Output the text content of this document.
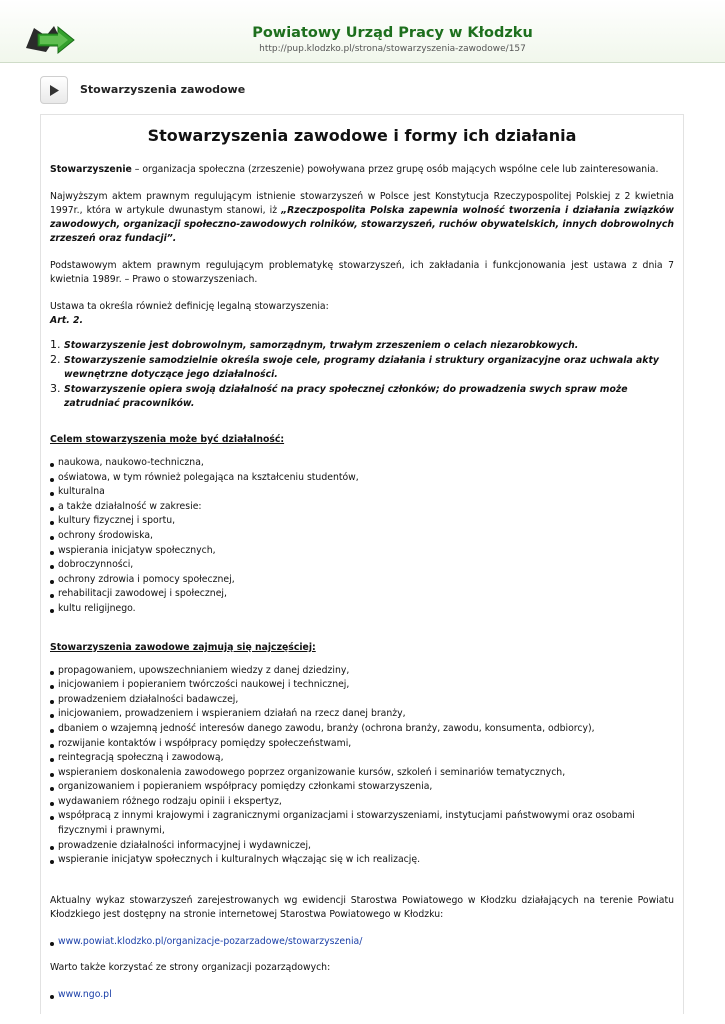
Powiatowy Urząd Pracy w Kłodzku
http://pup.klodzko.pl/strona/stowarzyszenia-zawodowe/157
Stowarzyszenia zawodowe
Stowarzyszenia zawodowe i formy ich działania

Stowarzyszenie – organizacja społeczna (zrzeszenie) powoływana przez grupę osób mających wspólne cele lub zainteresowania.

Najwyższym aktem prawnym regulującym istnienie stowarzyszeń w Polsce jest Konstytucja Rzeczypospolitej Polskiej z 2 kwietnia 1997r., która w artykule dwunastym stanowi, iż „Rzeczpospolita Polska zapewnia wolność tworzenia i działania związków zawodowych, organizacji społeczno-zawodowych rolników, stowarzyszeń, ruchów obywatelskich, innych dobrowolnych zrzeszeń oraz fundacji”.

Podstawowym aktem prawnym regulującym problematykę stowarzyszeń, ich zakładania i funkcjonowania jest ustawa z dnia 7 kwietnia 1989r. – Prawo o stowarzyszeniach.

Ustawa ta określa również definicję legalną stowarzyszenia:
Art. 2.
1. Stowarzyszenie jest dobrowolnym, samorządnym, trwałym zrzeszeniem o celach niezarobkowych.
2. Stowarzyszenie samodzielnie określa swoje cele, programy działania i struktury organizacyjne oraz uchwala akty wewnętrzne dotyczące jego działalności.
3. Stowarzyszenie opiera swoją działalność na pracy społecznej członków; do prowadzenia swych spraw może zatrudniać pracowników.
Celem stowarzyszenia może być działalność:
naukowa, naukowo-techniczna,
oświatowa, w tym również polegająca na kształceniu studentów,
kulturalna
a także działalność w zakresie:
kultury fizycznej i sportu,
ochrony środowiska,
wspierania inicjatyw społecznych,
dobroczynności,
ochrony zdrowia i pomocy społecznej,
rehabilitacji zawodowej i społecznej,
kultu religijnego.
Stowarzyszenia zawodowe zajmują się najczęściej:
propagowaniem, upowszechnianiem wiedzy z danej dziedziny,
inicjowaniem i popieraniem twórczości naukowej i technicznej,
prowadzeniem działalności badawczej,
inicjowaniem, prowadzeniem i wspieraniem działań na rzecz danej branży,
dbaniem o wzajemną jedność interesów danego zawodu, branży (ochrona branży, zawodu, konsumenta, odbiorcy),
rozwijanie kontaktów i współpracy pomiędzy społeczeństwami,
reintegracją społeczną i zawodową,
wspieraniem doskonalenia zawodowego poprzez organizowanie kursów, szkoleń i seminariów tematycznych,
organizowaniem i popieraniem współpracy pomiędzy członkami stowarzyszenia,
wydawaniem różnego rodzaju opinii i ekspertyz,
współpracą z innymi krajowymi i zagranicznymi organizacjami i stowarzyszeniami, instytucjami państwowymi oraz osobami fizycznymi i prawnymi,
prowadzenie działalności informacyjnej i wydawniczej,
wspieranie inicjatyw społecznych i kulturalnych włączając się w ich realizację.

Aktualny wykaz stowarzyszeń zarejestrowanych wg ewidencji Starostwa Powiatowego w Kłodzku działających na terenie Powiatu Kłodzkiego jest dostępny na stronie internetowej Starostwa Powiatowego w Kłodzku:

www.powiat.klodzko.pl/organizacje-pozarzadowe/stowarzyszenia/

Warto także korzystać ze strony organizacji pozarządowych:

www.ngo.pl
